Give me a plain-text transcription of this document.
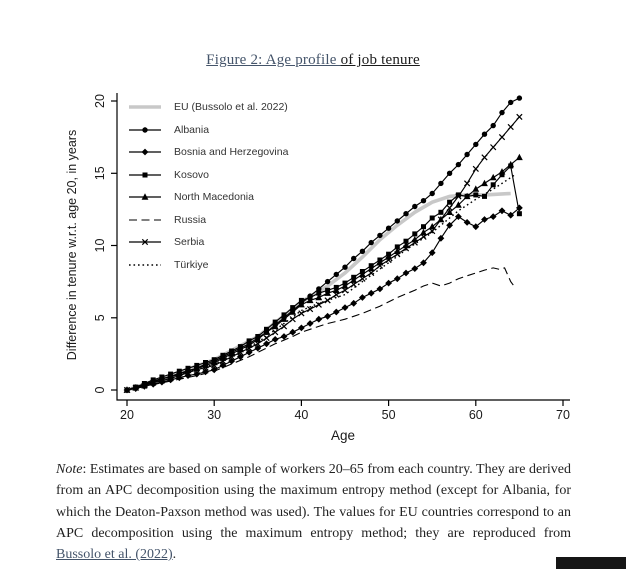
Figure 2: Age profile of job tenure
20	30	40	50	60	70
0
5
10
15
20
Age
Difference in tenure w.r.t. age 20, in years
EU (Bussolo et al. 2022)
Albania
Bosnia and Herzegovina
Kosovo
North Macedonia
Russia
Serbia
Türkiye
Note: Estimates are based on sample of workers 20–65 from each country. They are derived from an APC decomposition using the maximum entropy method (except for Albania, for which the Deaton-Paxson method was used). The values for EU countries correspond to an APC decomposition using the maximum entropy method; they are reproduced from Bussolo et al. (2022).
